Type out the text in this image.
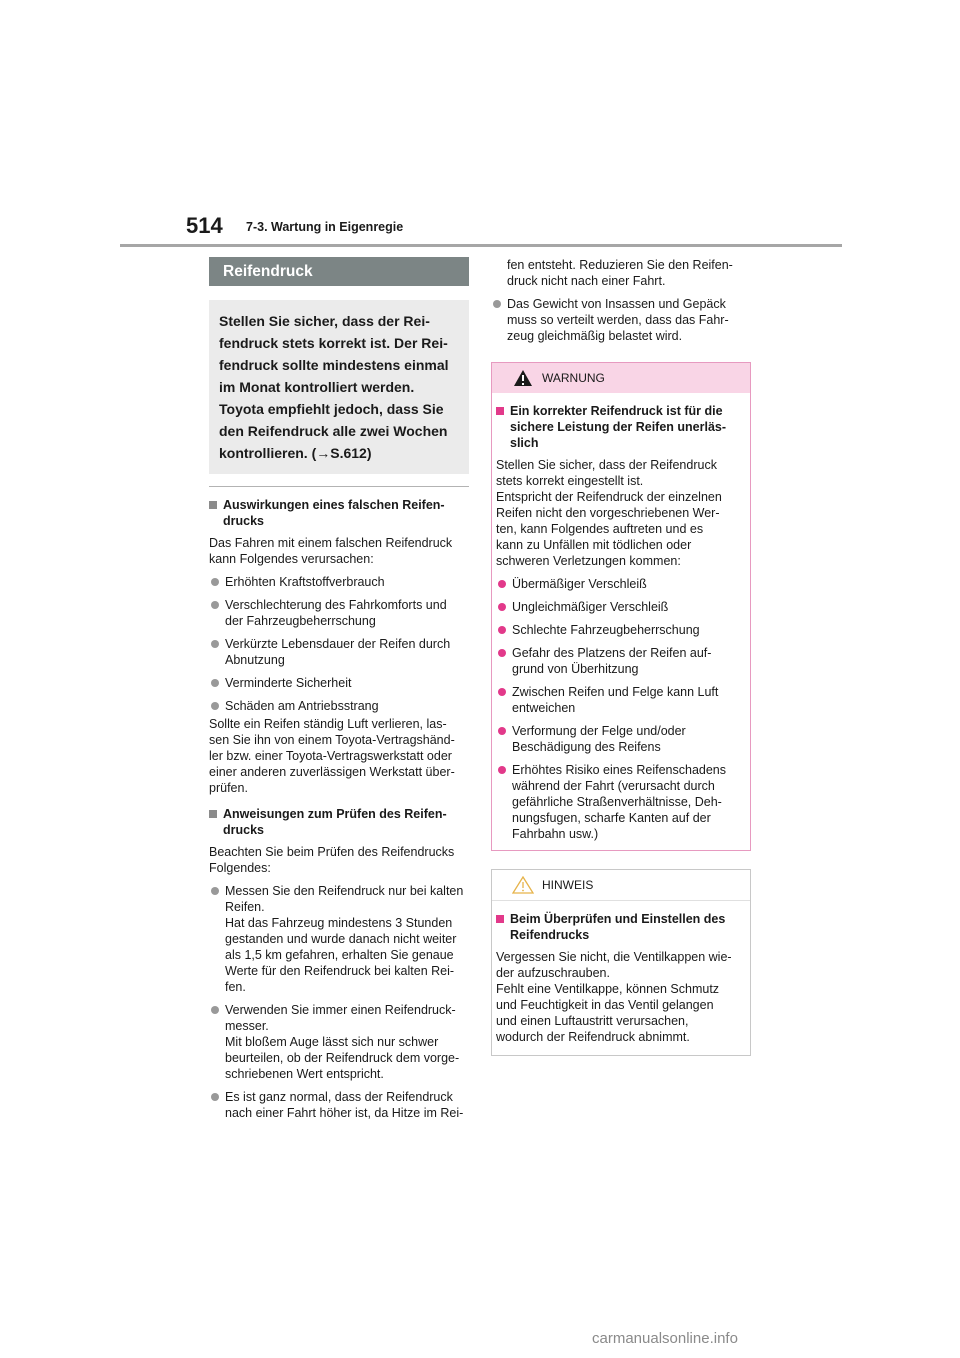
514 7-3. Wartung in Eigenregie
Reifendruck
Stellen Sie sicher, dass der Rei-
fendruck stets korrekt ist. Der Rei-
fendruck sollte mindestens einmal
im Monat kontrolliert werden.
Toyota empfiehlt jedoch, dass Sie
den Reifendruck alle zwei Wochen
kontrollieren. (→S.612)

Auswirkungen eines falschen Reifen-
drucks

Das Fahren mit einem falschen Reifendruck
kann Folgendes verursachen:

Erhöhten Kraftstoffverbrauch

Verschlechterung des Fahrkomforts und
der Fahrzeugbeherrschung

Verkürzte Lebensdauer der Reifen durch
Abnutzung

Verminderte Sicherheit

Schäden am Antriebsstrang

Sollte ein Reifen ständig Luft verlieren, las-
sen Sie ihn von einem Toyota-Vertragshänd-
ler bzw. einer Toyota-Vertragswerkstatt oder
einer anderen zuverlässigen Werkstatt über-
prüfen.

Anweisungen zum Prüfen des Reifen-
drucks

Beachten Sie beim Prüfen des Reifendrucks
Folgendes:

Messen Sie den Reifendruck nur bei kalten
Reifen.
Hat das Fahrzeug mindestens 3 Stunden
gestanden und wurde danach nicht weiter
als 1,5 km gefahren, erhalten Sie genaue
Werte für den Reifendruck bei kalten Rei-
fen.

Verwenden Sie immer einen Reifendruck-
messer.
Mit bloßem Auge lässt sich nur schwer
beurteilen, ob der Reifendruck dem vorge-
schriebenen Wert entspricht.

Es ist ganz normal, dass der Reifendruck
nach einer Fahrt höher ist, da Hitze im Rei-

fen entsteht. Reduzieren Sie den Reifen-
druck nicht nach einer Fahrt.

Das Gewicht von Insassen und Gepäck
muss so verteilt werden, dass das Fahr-
zeug gleichmäßig belastet wird.

WARNUNG

Ein korrekter Reifendruck ist für die
sichere Leistung der Reifen unerläs-
slich

Stellen Sie sicher, dass der Reifendruck
stets korrekt eingestellt ist.
Entspricht der Reifendruck der einzelnen
Reifen nicht den vorgeschriebenen Wer-
ten, kann Folgendes auftreten und es
kann zu Unfällen mit tödlichen oder
schweren Verletzungen kommen:

Übermäßiger Verschleiß

Ungleichmäßiger Verschleiß

Schlechte Fahrzeugbeherrschung

Gefahr des Platzens der Reifen auf-
grund von Überhitzung

Zwischen Reifen und Felge kann Luft
entweichen

Verformung der Felge und/oder
Beschädigung des Reifens

Erhöhtes Risiko eines Reifenschadens
während der Fahrt (verursacht durch
gefährliche Straßenverhältnisse, Deh-
nungsfugen, scharfe Kanten auf der
Fahrbahn usw.)

HINWEIS

Beim Überprüfen und Einstellen des
Reifendrucks

Vergessen Sie nicht, die Ventilkappen wie-
der aufzuschrauben.
Fehlt eine Ventilkappe, können Schmutz
und Feuchtigkeit in das Ventil gelangen
und einen Luftaustritt verursachen,
wodurch der Reifendruck abnimmt.

carmanualsonline.info
